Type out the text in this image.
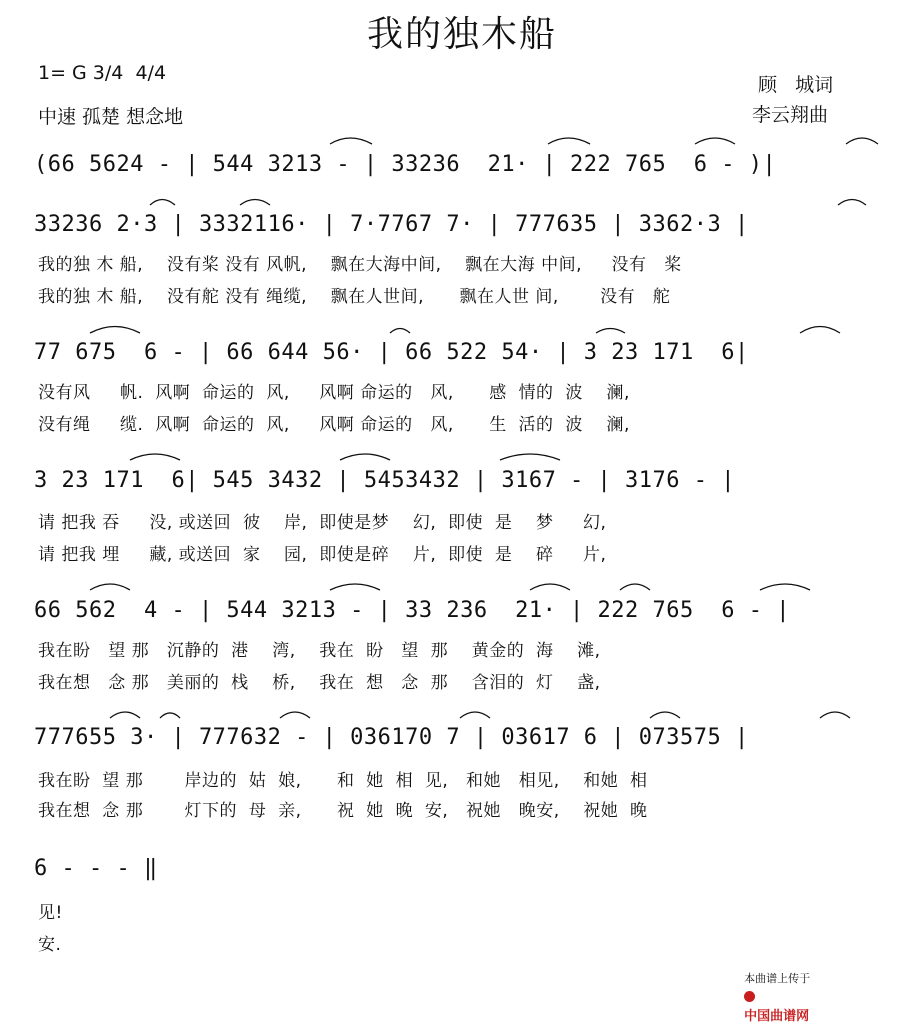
我的独木船
1= G 3/4  4/4
中速 孤楚 想念地
顾   城词
李云翔曲
(66 5624 - | 544 3213 - | 33236  21· | 222 765  6 - )|
33236 2·3 | 3332116· | 7·7767 7· | 777635 | 3362·3 |
我的独 木 船,    没有桨 没有 风帆,    飘在大海中间,    飘在大海 中间,     没有   桨
我的独 木 船,    没有舵 没有 绳缆,    飘在人世间,      飘在人世 间,       没有   舵
77 675  6 - | 66 644 56· | 66 522 54· | 3 23 171  6|
没有风     帆.  风啊  命运的  风,     风啊 命运的   风,      感  情的  波    澜,
没有绳     缆.  风啊  命运的  风,     风啊 命运的   风,      生  活的  波    澜,
3 23 171  6| 545 3432 | 5453432 | 3167 - | 3176 - |
请 把我 吞     没, 或送回  彼    岸,  即使是梦    幻,  即使  是    梦     幻,
请 把我 埋     藏, 或送回  家    园,  即使是碎    片,  即使  是    碎     片,
66 562  4 - | 544 3213 - | 33 236  21· | 222 765  6 - |
我在盼   望 那   沉静的  港    湾,    我在  盼   望  那    黄金的  海    滩,
我在想   念 那   美丽的  栈    桥,    我在  想   念  那    含泪的  灯    盏,
777655 3· | 777632 - | 036170 7 | 03617 6 | 073575 |
我在盼  望 那       岸边的  姑  娘,      和  她  相  见,   和她   相见,    和她  相
我在想  念 那       灯下的  母  亲,      祝  她  晚  安,   祝她   晚安,    祝她  晚
6 - - - ‖
见!
安.

本曲谱上传于

中国曲谱网
